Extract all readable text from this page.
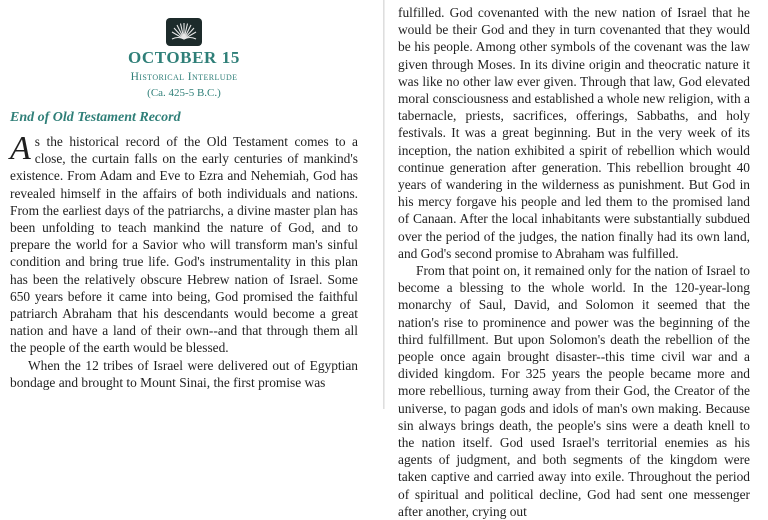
OCTOBER 15
Historical Interlude
(Ca. 425-5 B.C.)
End of Old Testament Record

As the historical record of the Old Testament comes to a close, the curtain falls on the early centuries of mankind's existence. From Adam and Eve to Ezra and Nehemiah, God has revealed himself in the affairs of both individuals and nations. From the earliest days of the patriarchs, a divine master plan has been unfolding to teach mankind the nature of God, and to prepare the world for a Savior who will transform man's sinful condition and bring true life. God's instrumentality in this plan has been the relatively obscure Hebrew nation of Israel. Some 650 years before it came into being, God promised the faithful patriarch Abraham that his descendants would become a great nation and have a land of their own--and that through them all the people of the earth would be blessed.

When the 12 tribes of Israel were delivered out of Egyptian bondage and brought to Mount Sinai, the first promise was

fulfilled. God covenanted with the new nation of Israel that he would be their God and they in turn covenanted that they would be his people. Among other symbols of the covenant was the law given through Moses. In its divine origin and theocratic nature it was like no other law ever given. Through that law, God elevated moral consciousness and established a whole new religion, with a tabernacle, priests, sacrifices, offerings, Sabbaths, and holy festivals. It was a great beginning. But in the very week of its inception, the nation exhibited a spirit of rebellion which would continue generation after generation. This rebellion brought 40 years of wandering in the wilderness as punishment. But God in his mercy forgave his people and led them to the promised land of Canaan. After the local inhabitants were substantially subdued over the period of the judges, the nation finally had its own land, and God's second promise to Abraham was fulfilled.

From that point on, it remained only for the nation of Israel to become a blessing to the whole world. In the 120-year-long monarchy of Saul, David, and Solomon it seemed that the nation's rise to prominence and power was the beginning of the third fulfillment. But upon Solomon's death the rebellion of the people once again brought disaster--this time civil war and a divided kingdom. For 325 years the people became more and more rebellious, turning away from their God, the Creator of the universe, to pagan gods and idols of man's own making. Because sin always brings death, the people's sins were a death knell to the nation itself. God used Israel's territorial enemies as his agents of judgment, and both segments of the kingdom were taken captive and carried away into exile. Throughout the period of spiritual and political decline, God had sent one messenger after another, crying out
